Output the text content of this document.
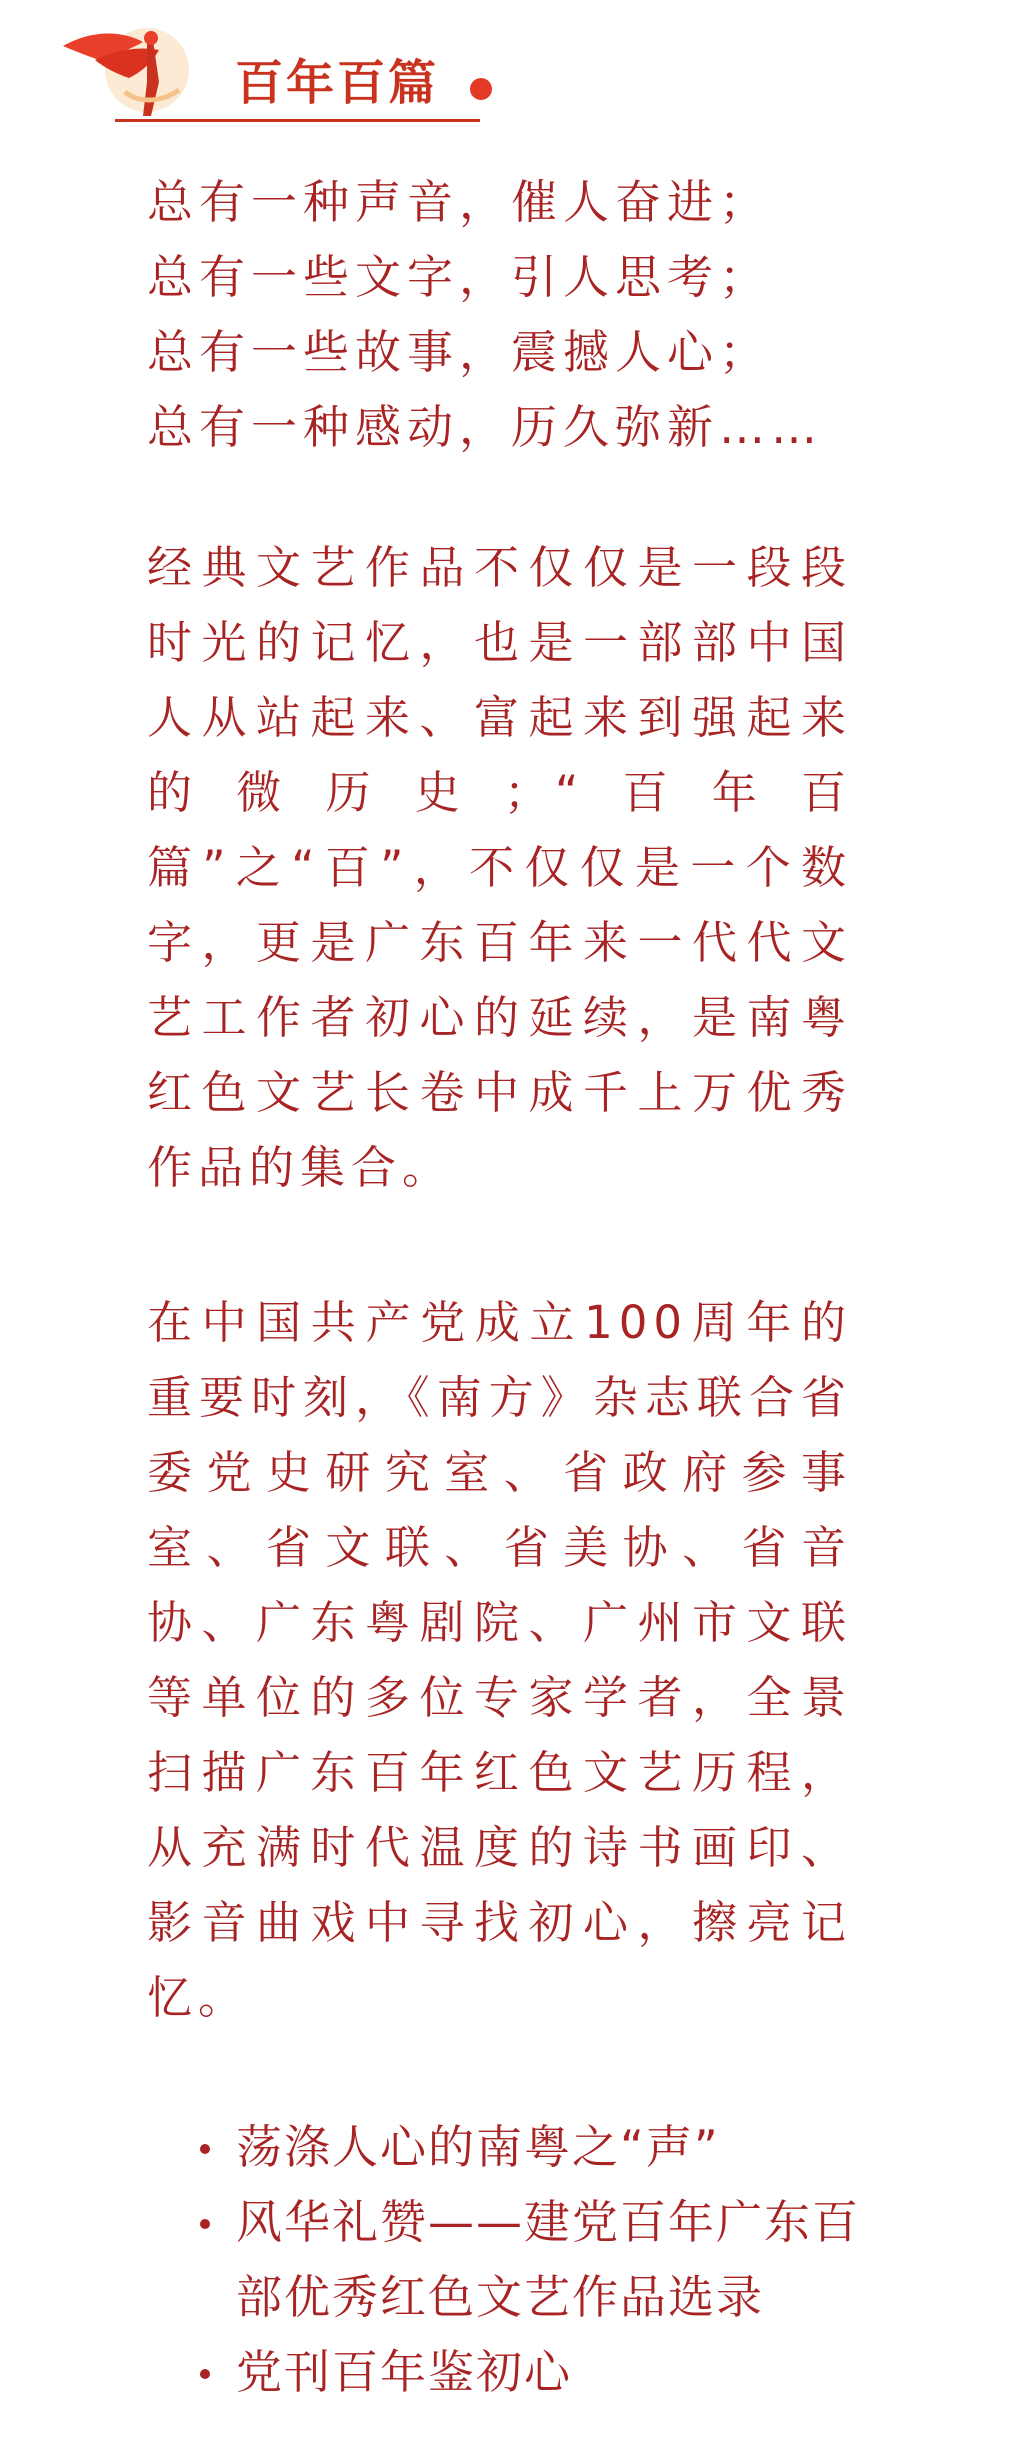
百年百篇
总有一种声音，催人奋进；
总有一些文字，引人思考；
总有一些故事，震撼人心；
总有一种感动，历久弥新……

经典文艺作品不仅仅是一段段时光的记忆，也是一部部中国人从站起来、富起来到强起来的微历史；“百年百篇”之“百”，不仅仅是一个数字，更是广东百年来一代代文艺工作者初心的延续，是南粤红色文艺长卷中成千上万优秀作品的集合。

在中国共产党成立100周年的重要时刻，《南方》杂志联合省委党史研究室、省政府参事室、省文联、省美协、省音协、广东粤剧院、广州市文联等单位的多位专家学者，全景扫描广东百年红色文艺历程，从充满时代温度的诗书画印、影音曲戏中寻找初心，擦亮记忆。

荡涤人心的南粤之“声”
风华礼赞——建党百年广东百部优秀红色文艺作品选录
党刊百年鉴初心
